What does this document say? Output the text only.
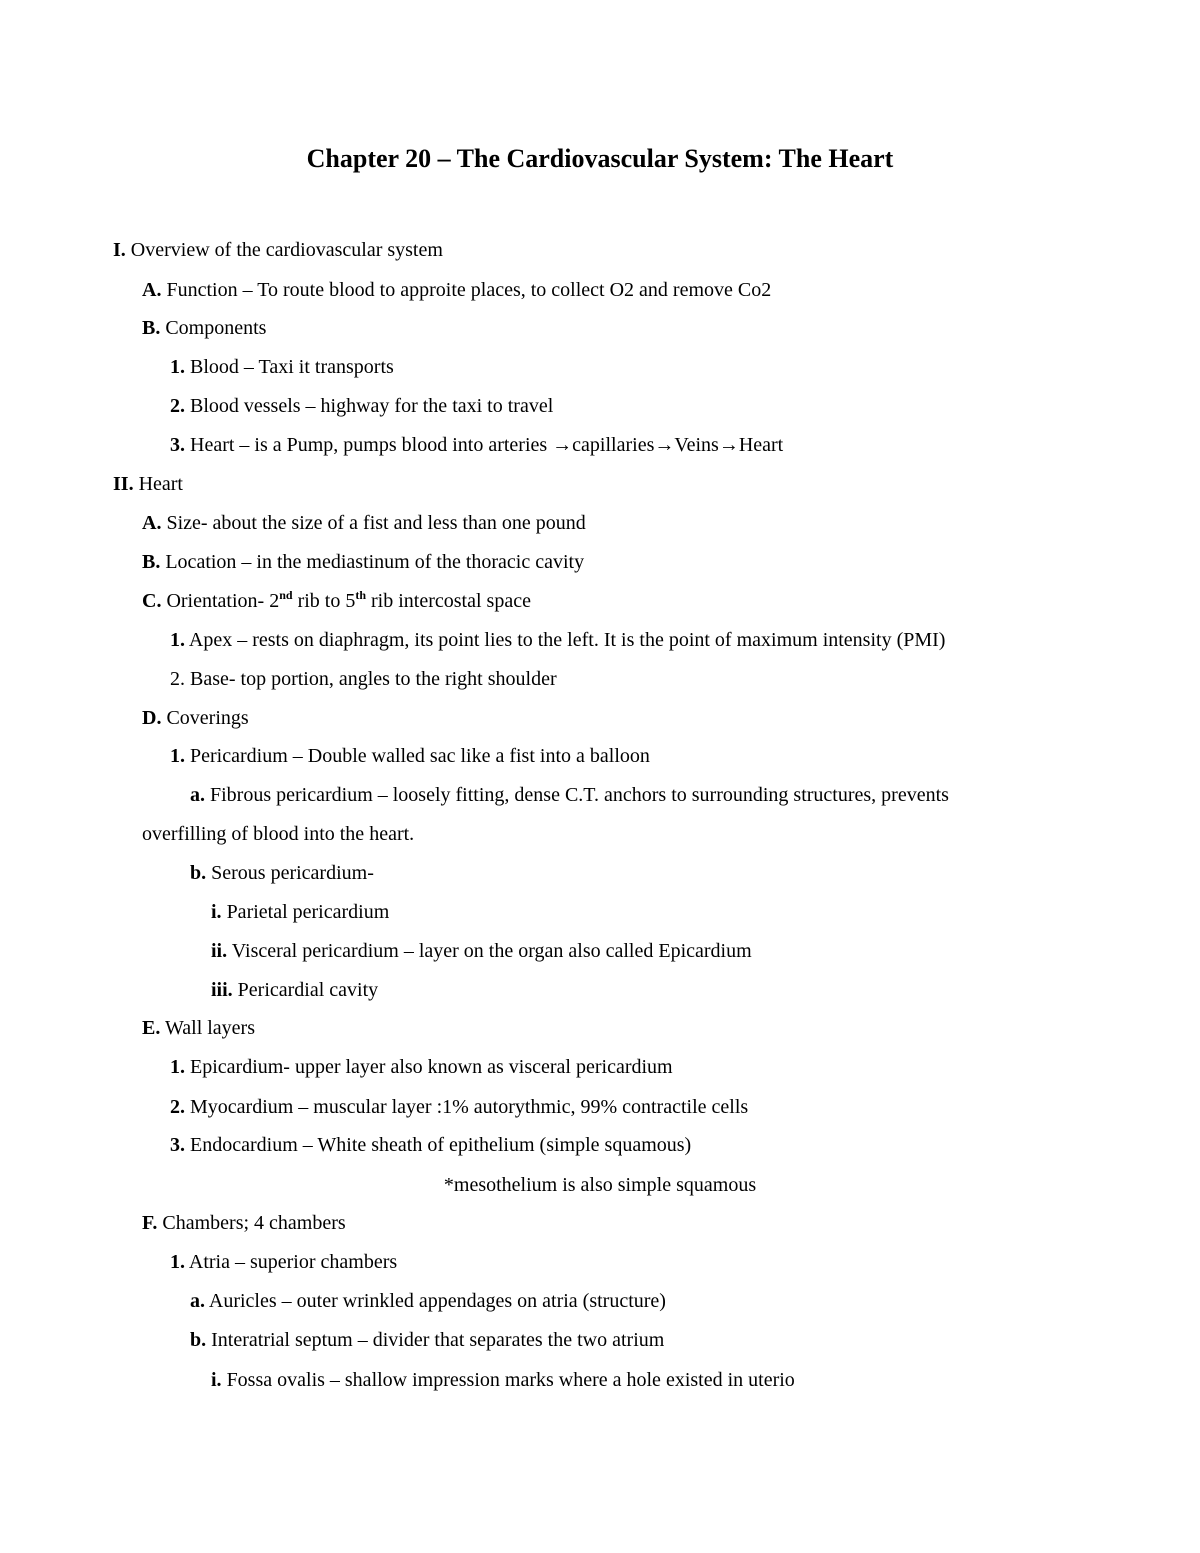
Chapter 20 – The Cardiovascular System: The Heart
I. Overview of the cardiovascular system
A. Function – To route blood to approite places, to collect O2 and remove Co2
B. Components
1. Blood – Taxi it transports
2. Blood vessels – highway for the taxi to travel
3. Heart – is a Pump, pumps blood into arteries →capillaries→Veins→Heart
II. Heart
A. Size- about the size of a fist and less than one pound
B. Location – in the mediastinum of the thoracic cavity
C. Orientation- 2nd rib to 5th rib intercostal space
1. Apex – rests on diaphragm, its point lies to the left. It is the point of maximum intensity (PMI)
2. Base- top portion, angles to the right shoulder
D. Coverings
1. Pericardium – Double walled sac like a fist into a balloon
a. Fibrous pericardium – loosely fitting, dense C.T. anchors to surrounding structures, prevents
overfilling of blood into the heart.
b. Serous pericardium-
i. Parietal pericardium
ii. Visceral pericardium – layer on the organ also called Epicardium
iii. Pericardial cavity
E. Wall layers
1. Epicardium- upper layer also known as visceral pericardium
2. Myocardium – muscular layer :1% autorythmic, 99% contractile cells
3. Endocardium – White sheath of epithelium (simple squamous)
*mesothelium is also simple squamous
F. Chambers; 4 chambers
1. Atria – superior chambers
a. Auricles – outer wrinkled appendages on atria (structure)
b. Interatrial septum – divider that separates the two atrium
i. Fossa ovalis – shallow impression marks where a hole existed in uterio
